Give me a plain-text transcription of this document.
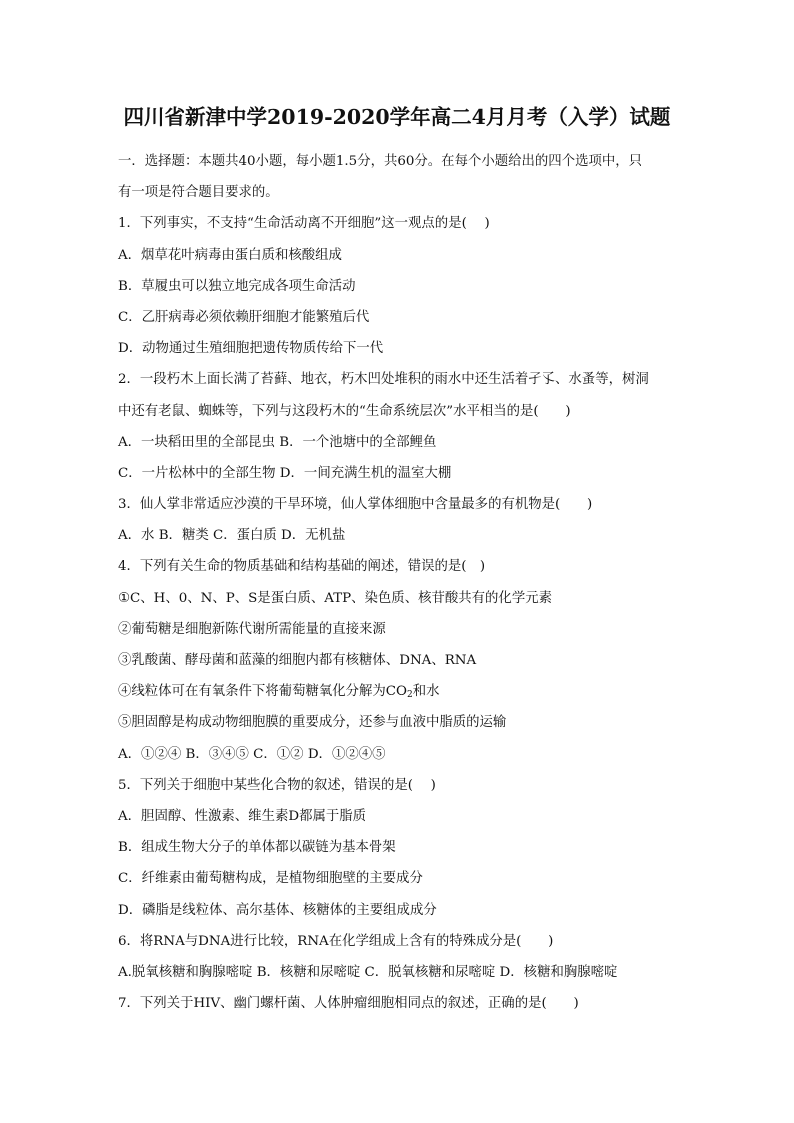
四川省新津中学2019-2020学年高二4月月考（入学）试题
一．选择题：本题共40小题，每小题1.5分，共60分。在每个小题给出的四个选项中，只
有一项是符合题目要求的。
1．下列事实，不支持“生命活动离不开细胞”这一观点的是(　 )
A．烟草花叶病毒由蛋白质和核酸组成
B．草履虫可以独立地完成各项生命活动
C．乙肝病毒必须依赖肝细胞才能繁殖后代
D．动物通过生殖细胞把遗传物质传给下一代
2．一段朽木上面长满了苔藓、地衣，朽木凹处堆积的雨水中还生活着孑孓、水蚤等，树洞
中还有老鼠、蜘蛛等，下列与这段朽木的“生命系统层次”水平相当的是(　　)
A．一块稻田里的全部昆虫 B．一个池塘中的全部鲤鱼
C．一片松林中的全部生物 D．一间充满生机的温室大棚
3．仙人掌非常适应沙漠的干旱环境，仙人掌体细胞中含量最多的有机物是(　　)
A．水 B．糖类 C．蛋白质 D．无机盐
4．下列有关生命的物质基础和结构基础的阐述，错误的是(　)
①C、H、0、N、P、S是蛋白质、ATP、染色质、核苷酸共有的化学元素
②葡萄糖是细胞新陈代谢所需能量的直接来源
③乳酸菌、酵母菌和蓝藻的细胞内都有核糖体、DNA、RNA
④线粒体可在有氧条件下将葡萄糖氧化分解为$CO_2$和水
⑤胆固醇是构成动物细胞膜的重要成分，还参与血液中脂质的运输
A．①②④ B．③④⑤ C．①② D．①②④⑤
5．下列关于细胞中某些化合物的叙述，错误的是(　 )
A．胆固醇、性激素、维生素D都属于脂质
B．组成生物大分子的单体都以碳链为基本骨架
C．纤维素由葡萄糖构成，是植物细胞壁的主要成分
D．磷脂是线粒体、高尔基体、核糖体的主要组成成分
6．将RNA与DNA进行比较，RNA在化学组成上含有的特殊成分是(　　)
A.脱氧核糖和胸腺嘧啶 B．核糖和尿嘧啶 C．脱氧核糖和尿嘧啶 D．核糖和胸腺嘧啶
7．下列关于HIV、幽门螺杆菌、人体肿瘤细胞相同点的叙述，正确的是(　　)
